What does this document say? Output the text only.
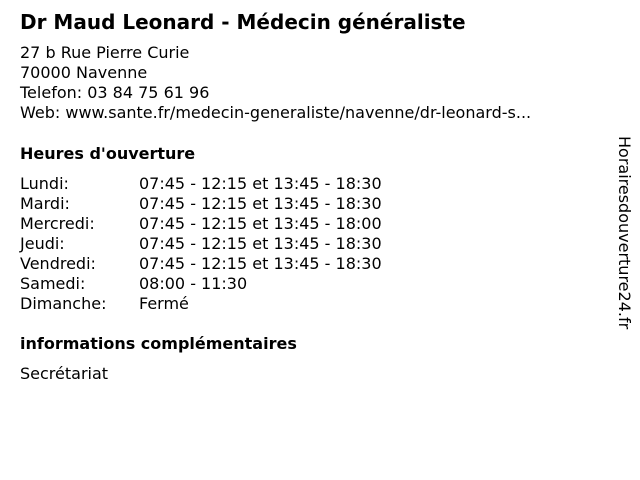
Dr Maud Leonard - Médecin généraliste
27 b Rue Pierre Curie
70000 Navenne
Telefon: 03 84 75 61 96
Web: www.sante.fr/medecin-generaliste/navenne/dr-leonard-s...
Heures d'ouverture
Lundi:	07:45 - 12:15 et 13:45 - 18:30
Mardi:	07:45 - 12:15 et 13:45 - 18:30
Mercredi:	07:45 - 12:15 et 13:45 - 18:00
Jeudi:	07:45 - 12:15 et 13:45 - 18:30
Vendredi:	07:45 - 12:15 et 13:45 - 18:30
Samedi:	08:00 - 11:30
Dimanche:	Fermé
informations complémentaires
Secrétariat
Horairesdouverture24.fr
